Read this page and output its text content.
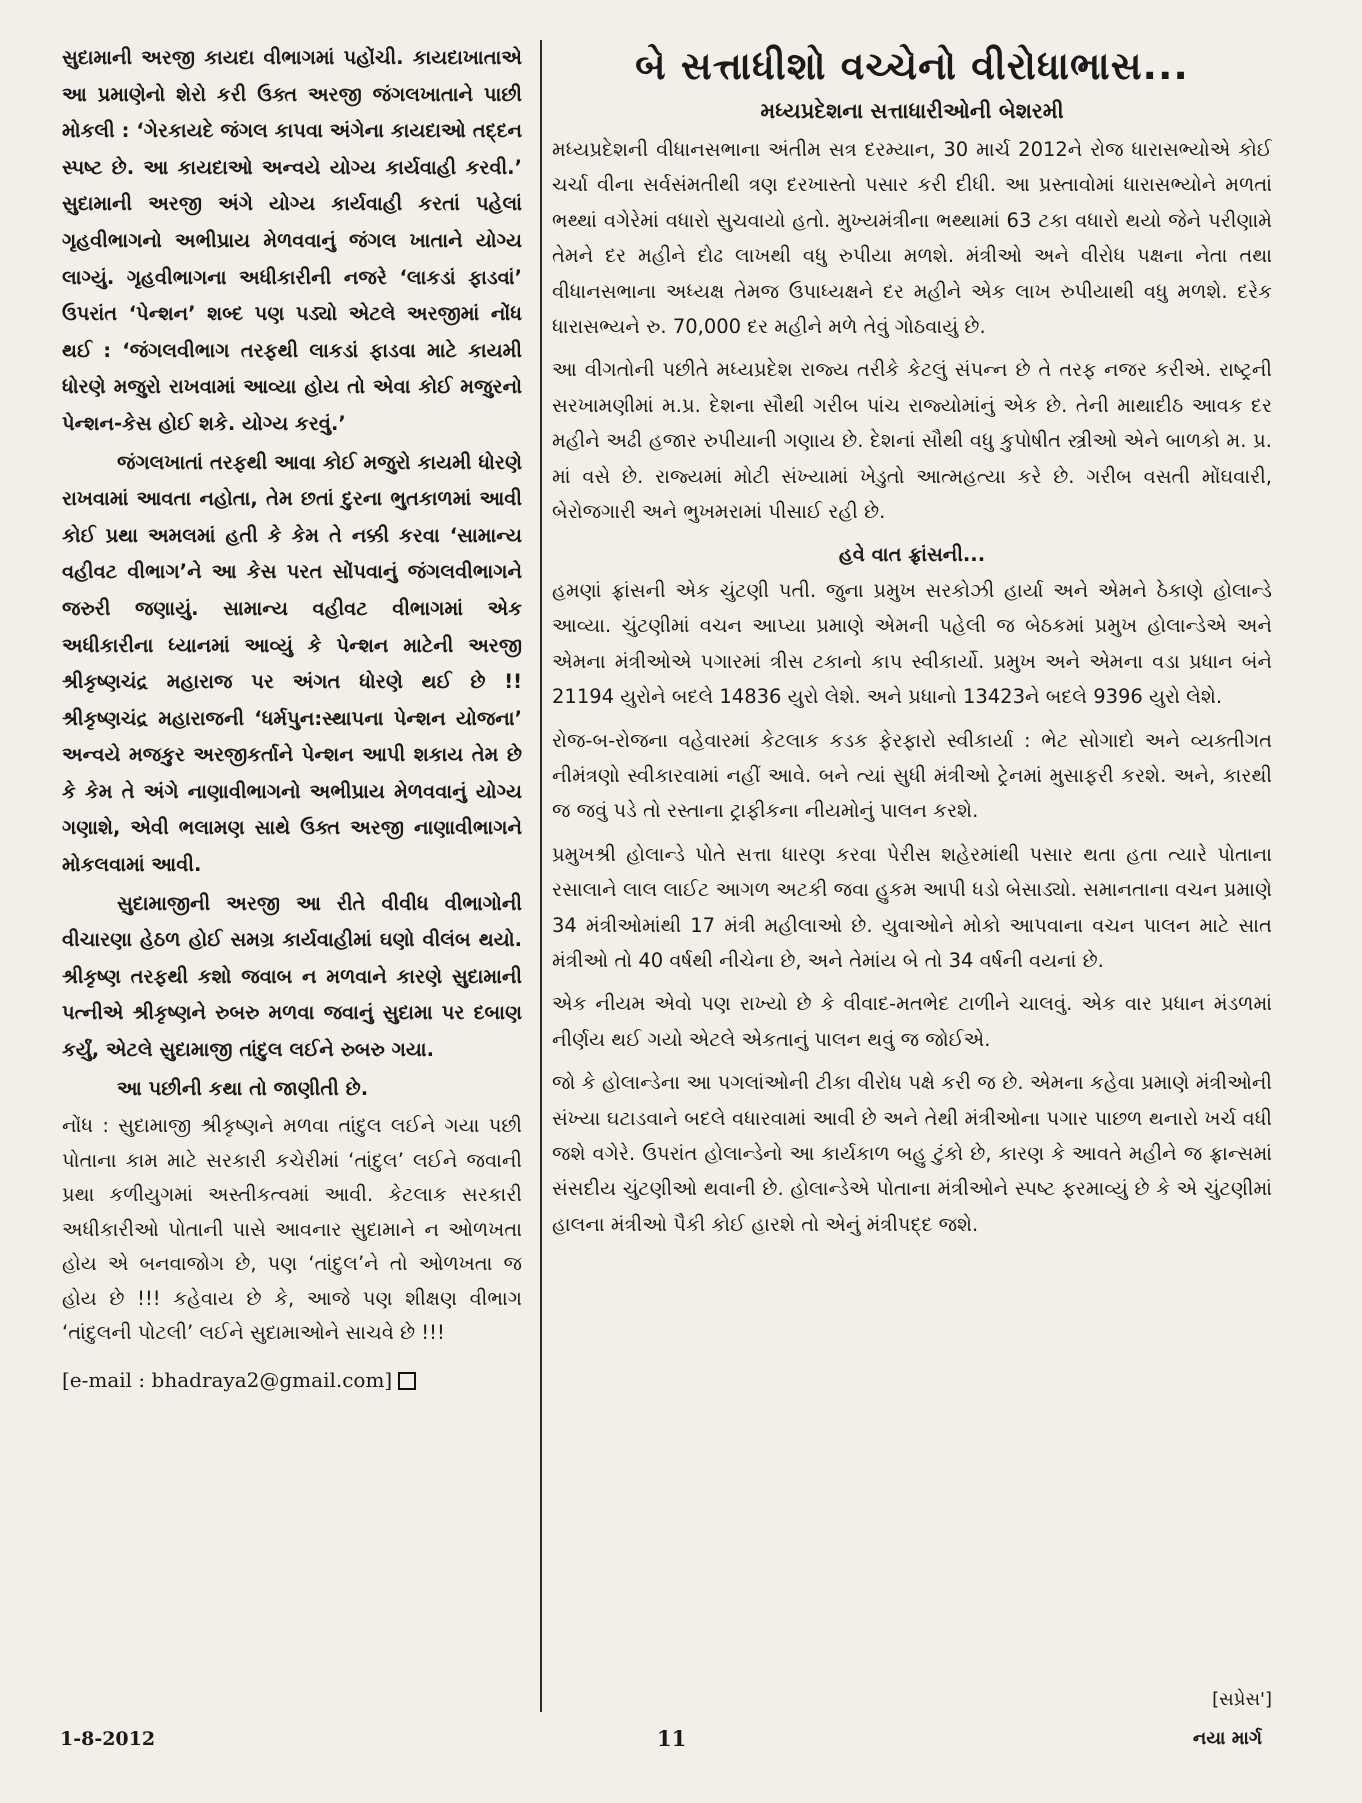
સુદામાની અરજી કાયદા વીભાગમાં પહોંચી. કાયદાખાતાએ આ પ્રમાણેનો શેરો કરી ઉક્ત અરજી જંગલખાતાને પાછી મોકલી : ‘ગેરકાયદે જંગલ કાપવા અંગેના કાયદાઓ તદ્દન સ્પષ્ટ છે. આ કાયદાઓ અન્વયે યોગ્ય કાર્યવાહી કરવી.’ સુદામાની અરજી અંગે યોગ્ય કાર્યવાહી કરતાં પહેલાં ગૃહવીભાગનો અભીપ્રાય મેળવવાનું જંગલ ખાતાને યોગ્ય લાગ્યું. ગૃહવીભાગના અધીકારીની નજરે ‘લાકડાં ફાડવાં’ ઉપરાંત ‘પેન્શન’ શબ્દ પણ પડ્યો એટલે અરજીમાં નોંધ થઈ : ‘જંગલવીભાગ તરફથી લાકડાં ફાડવા માટે કાયમી ધોરણે મજુરો રાખવામાં આવ્યા હોય તો એવા કોઈ મજુરનો પેન્શન-કેસ હોઈ શકે. યોગ્ય કરવું.’

જંગલખાતાં તરફથી આવા કોઈ મજુરો કાયમી ધોરણે રાખવામાં આવતા નહોતા, તેમ છતાં દુરના ભુતકાળમાં આવી કોઈ પ્રથા અમલમાં હતી કે કેમ તે નક્કી કરવા ‘સામાન્ય વહીવટ વીભાગ’ને આ કેસ પરત સોંપવાનું જંગલવીભાગને જરુરી જણાયું. સામાન્ય વહીવટ વીભાગમાં એક અધીકારીના ધ્યાનમાં આવ્યું કે પેન્શન માટેની અરજી શ્રીકૃષ્ણચંદ્ર મહારાજ પર અંગત ધોરણે થઈ છે !! શ્રીકૃષ્ણચંદ્ર મહારાજની ‘ધર્મપુન:સ્થાપના પેન્શન યોજના’ અન્વયે મજકુર અરજીકર્તાને પેન્શન આપી શકાય તેમ છે કે કેમ તે અંગે નાણાવીભાગનો અભીપ્રાય મેળવવાનું યોગ્ય ગણાશે, એવી ભલામણ સાથે ઉક્ત અરજી નાણાવીભાગને મોકલવામાં આવી.

સુદામાજીની અરજી આ રીતે વીવીધ વીભાગોની વીચારણા હેઠળ હોઈ સમગ્ર કાર્યવાહીમાં ઘણો વીલંબ થયો. શ્રીકૃષ્ણ તરફથી કશો જવાબ ન મળવાને કારણે સુદામાની પત્નીએ શ્રીકૃષ્ણને રુબરુ મળવા જવાનું સુદામા પર દબાણ કર્યું, એટલે સુદામાજી તાંદુલ લઈને રુબરુ ગયા.

આ પછીની કથા તો જાણીતી છે.

નોંધ : સુદામાજી શ્રીકૃષ્ણને મળવા તાંદુલ લઈને ગયા પછી પોતાના કામ માટે સરકારી કચેરીમાં ‘તાંદુલ’ લઈને જવાની પ્રથા કળીયુગમાં અસ્તીકત્વમાં આવી. કેટલાક સરકારી અધીકારીઓ પોતાની પાસે આવનાર સુદામાને ન ઓળખતા હોય એ બનવાજોગ છે, પણ ‘તાંદુલ’ને તો ઓળખતા જ હોય છે !!! કહેવાય છે કે, આજે પણ શીક્ષણ વીભાગ ‘તાંદુલની પોટલી’ લઈને સુદામાઓને સાચવે છે !!!

[e-mail : bhadraya2@gmail.com]
બે સત્તાધીશો વચ્ચેનો વીરોધાભાસ...
મધ્યપ્રદેશના સત્તાધારીઓની બેશરમી

મધ્યપ્રદેશની વીધાનસભાના અંતીમ સત્ર દરમ્યાન, 30 માર્ચ 2012ને રોજ ધારાસભ્યોએ કોઈ ચર્ચા વીના સર્વસંમતીથી ત્રણ દરખાસ્તો પસાર કરી દીધી. આ પ્રસ્તાવોમાં ધારાસભ્યોને મળતાં ભથ્થાં વગેરેમાં વધારો સુચવાયો હતો. મુખ્યમંત્રીના ભથ્થામાં 63 ટકા વધારો થયો જેને પરીણામે તેમને દર મહીને દોઢ લાખથી વધુ રુપીયા મળશે. મંત્રીઓ અને વીરોધ પક્ષના નેતા તથા વીધાનસભાના અધ્યક્ષ તેમજ ઉપાધ્યક્ષને દર મહીને એક લાખ રુપીયાથી વધુ મળશે. દરેક ધારાસભ્યને રુ. 70,000 દર મહીને મળે તેવું ગોઠવાયું છે.

આ વીગતોની પછીતે મધ્યપ્રદેશ રાજ્ય તરીકે કેટલું સંપન્ન છે તે તરફ નજર કરીએ. રાષ્ટ્રની સરખામણીમાં મ.પ્ર. દેશના સૌથી ગરીબ પાંચ રાજ્યોમાંનું એક છે. તેની માથાદીઠ આવક દર મહીને અઢી હજાર રુપીયાની ગણાય છે. દેશનાં સૌથી વધુ કુપોષીત સ્ત્રીઓ એને બાળકો મ. પ્ર. માં વસે છે. રાજ્યમાં મોટી સંખ્યામાં ખેડુતો આત્મહત્યા કરે છે. ગરીબ વસતી મોંઘવારી, બેરોજગારી અને ભુખમરામાં પીસાઈ રહી છે.

હવે વાત ફ્રાંસની...

હમણાં ફ્રાંસની એક ચુંટણી પતી. જુના પ્રમુખ સરકોઝી હાર્યા અને એમને ઠેકાણે હોલાન્ડે આવ્યા. ચુંટણીમાં વચન આપ્યા પ્રમાણે એમની પહેલી જ બેઠકમાં પ્રમુખ હોલાન્ડેએ અને એમના મંત્રીઓએ પગારમાં ત્રીસ ટકાનો કાપ સ્વીકાર્યો. પ્રમુખ અને એમના વડા પ્રધાન બંને 21194 યુરોને બદલે 14836 યુરો લેશે. અને પ્રધાનો 13423ને બદલે 9396 યુરો લેશે.

રોજ-બ-રોજના વહેવારમાં કેટલાક કડક ફેરફારો સ્વીકાર્યા : ભેટ સોગાદો અને વ્યક્તીગત નીમંત્રણો સ્વીકારવામાં નહીં આવે. બને ત્યાં સુધી મંત્રીઓ ટ્રેનમાં મુસાફરી કરશે. અને, કારથી જ જવું પડે તો રસ્તાના ટ્રાફીકના નીયમોનું પાલન કરશે.

પ્રમુખશ્રી હોલાન્ડે પોતે સત્તા ધારણ કરવા પેરીસ શહેરમાંથી પસાર થતા હતા ત્યારે પોતાના રસાલાને લાલ લાઈટ આગળ અટકી જવા હુકમ આપી ધડો બેસાડ્યો. સમાનતાના વચન પ્રમાણે 34 મંત્રીઓમાંથી 17 મંત્રી મહીલાઓ છે. યુવાઓને મોકો આપવાના વચન પાલન માટે સાત મંત્રીઓ તો 40 વર્ષથી નીચેના છે, અને તેમાંય બે તો 34 વર્ષની વયનાં છે.

એક નીયમ એવો પણ રાખ્યો છે કે વીવાદ-મતભેદ ટાળીને ચાલવું. એક વાર પ્રધાન મંડળમાં નીર્ણય થઈ ગયો એટલે એકતાનું પાલન થવું જ જોઈએ.

જો કે હોલાન્ડેના આ પગલાંઓની ટીકા વીરોધ પક્ષે કરી જ છે. એમના કહેવા પ્રમાણે મંત્રીઓની સંખ્યા ઘટાડવાને બદલે વધારવામાં આવી છે અને તેથી મંત્રીઓના પગાર પાછળ થનારો ખર્ચ વધી જશે વગેરે. ઉપરાંત હોલાન્ડેનો આ કાર્યકાળ બહુ ટુંકો છે, કારણ કે આવતે મહીને જ ફ્રાન્સમાં સંસદીય ચુંટણીઓ થવાની છે. હોલાન્ડેએ પોતાના મંત્રીઓને સ્પષ્ટ ફરમાવ્યું છે કે એ ચુંટણીમાં હાલના મંત્રીઓ પૈકી કોઈ હારશે તો એનું મંત્રીપદ્દ જશે.

[સપ્રેસ']
1-8-2012	11	નયા માર્ગ
